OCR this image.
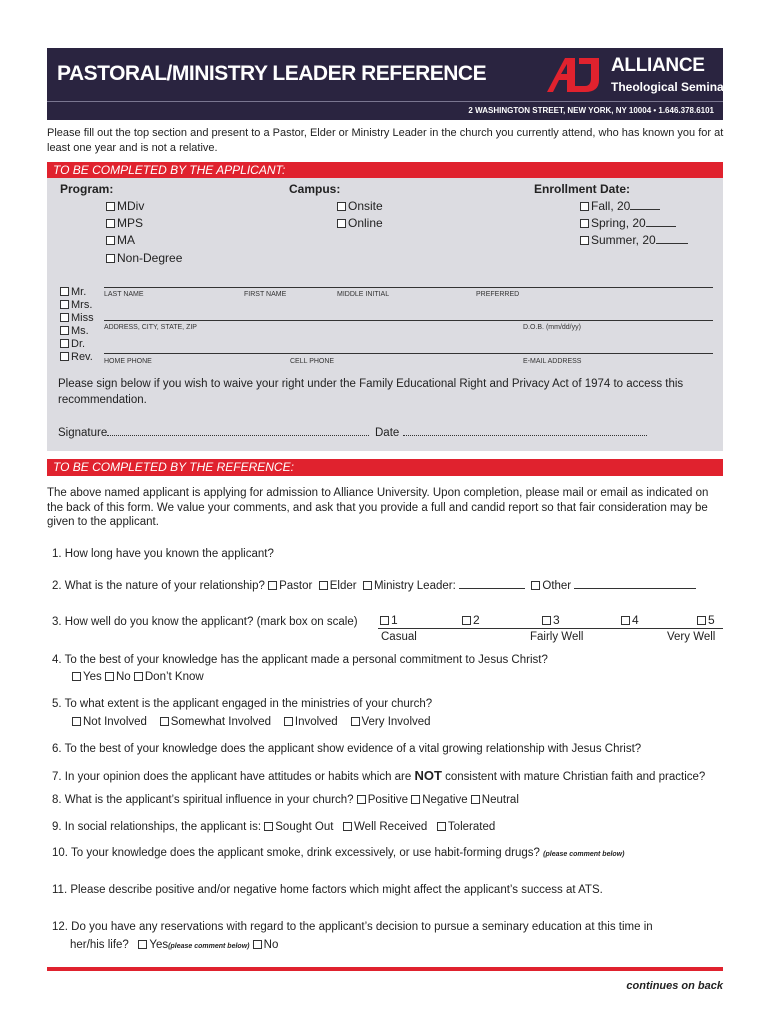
PASTORAL/MINISTRY LEADER REFERENCE	ALLIANCE
Theological Seminary
2 WASHINGTON STREET, NEW YORK, NY 10004 • 1.646.378.6101
Please fill out the top section and present to a Pastor, Elder or Ministry Leader in the church you currently attend, who has known you for at least one year and is not a relative.
TO BE COMPLETED BY THE APPLICANT:
Program:
MDiv
MPS
MA
Non-Degree
Campus:
Onsite
Online
Enrollment Date:
Fall, 20
Spring, 20
Summer, 20
Mr.
Mrs.
Miss
Ms.
Dr.
Rev.
LAST NAME	FIRST NAME	MIDDLE INITIAL	PREFERRED
ADDRESS, CITY, STATE, ZIP	D.O.B. (mm/dd/yy)
HOME PHONE	CELL PHONE	E-MAIL ADDRESS
Please sign below if you wish to waive your right under the Family Educational Right and Privacy Act of 1974 to access this recommendation.
Signature	Date
TO BE COMPLETED BY THE REFERENCE:
The above named applicant is applying for admission to Alliance University. Upon completion, please mail or email as indicated on the back of this form. We value your comments, and ask that you provide a full and candid report so that fair consideration may be given to the applicant.
1. How long have you known the applicant?
2. What is the nature of your relationship? Pastor Elder Ministry Leader:	Other
3. How well do you know the applicant? (mark box on scale)	1	2	3	4	5
Casual	Fairly Well	Very Well
4. To the best of your knowledge has the applicant made a personal commitment to Jesus Christ?
Yes No Don’t Know
5. To what extent is the applicant engaged in the ministries of your church?
Not Involved Somewhat Involved Involved Very Involved
6. To the best of your knowledge does the applicant show evidence of a vital growing relationship with Jesus Christ?
7. In your opinion does the applicant have attitudes or habits which are NOT consistent with mature Christian faith and practice?
8. What is the applicant’s spiritual influence in your church? Positive Negative Neutral
9. In social relationships, the applicant is: Sought Out Well Received Tolerated
10. To your knowledge does the applicant smoke, drink excessively, or use habit-forming drugs? (please comment below)
11. Please describe positive and/or negative home factors which might affect the applicant’s success at ATS.
12. Do you have any reservations with regard to the applicant’s decision to pursue a seminary education at this time in
her/his life? Yes(please comment below) No
continues on back
